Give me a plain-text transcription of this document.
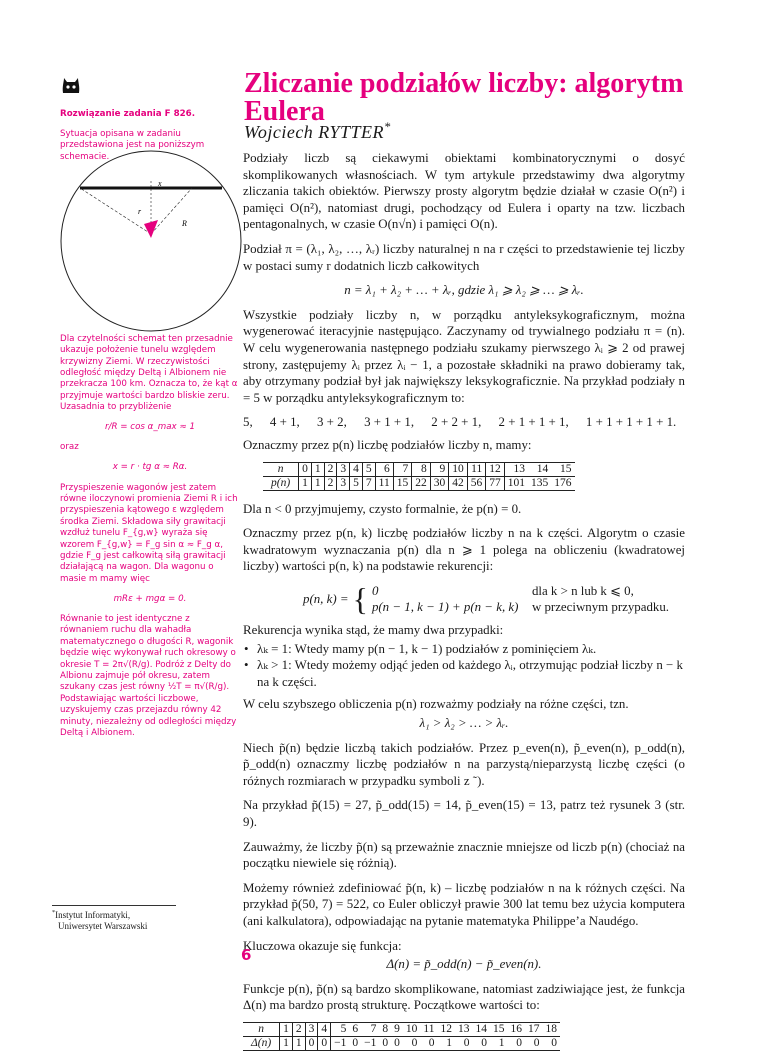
Zliczanie podziałów liczby: algorytm Eulera
Wojciech RYTTER*

Rozwiązanie zadania F 826.

Sytuacja opisana w zadaniu przedstawiona jest na poniższym schemacie.

x
r
α	R

Dla czytelności schemat ten przesadnie ukazuje położenie tunelu względem krzywizny Ziemi. W rzeczywistości odległość między Deltą i Albionem nie przekracza 100 km. Oznacza to, że kąt α przyjmuje wartości bardzo bliskie zeru. Uzasadnia to przybliżenie

r/R = cos α_max ≈ 1

oraz

x = r · tg α ≈ Rα.

Przyspieszenie wagonów jest zatem równe iloczynowi promienia Ziemi R i ich przyspieszenia kątowego ε względem środka Ziemi. Składowa siły grawitacji wzdłuż tunelu F_{g,w} wyraża się wzorem F_{g,w} = F_g sin α ≈ F_g α, gdzie F_g jest całkowitą siłą grawitacji działającą na wagon. Dla wagonu o masie m mamy więc

mRε + mgα = 0.

Równanie to jest identyczne z równaniem ruchu dla wahadła matematycznego o długości R, wagonik będzie więc wykonywał ruch okresowy o okresie T = 2π√(R/g). Podróż z Delty do Albionu zajmuje pół okresu, zatem szukany czas jest równy ½T = π√(R/g). Podstawiając wartości liczbowe, uzyskujemy czas przejazdu równy 42 minuty, niezależny od odległości między Deltą i Albionem.

Podziały liczb są ciekawymi obiektami kombinatorycznymi o dosyć skomplikowanych własnościach. W tym artykule przedstawimy dwa algorytmy zliczania takich obiektów. Pierwszy prosty algorytm będzie działał w czasie O(n²) i pamięci O(n²), natomiast drugi, pochodzący od Eulera i oparty na tzw. liczbach pentagonalnych, w czasie O(n√n) i pamięci O(n).

Podział π = (λ₁, λ₂, …, λᵣ) liczby naturalnej n na r części to przedstawienie tej liczby w postaci sumy r dodatnich liczb całkowitych

n = λ₁ + λ₂ + … + λᵣ, gdzie λ₁ ⩾ λ₂ ⩾ … ⩾ λᵣ.

Wszystkie podziały liczby n, w porządku antyleksykograficznym, można wygenerować iteracyjnie następująco. Zaczynamy od trywialnego podziału π = (n). W celu wygenerowania następnego podziału szukamy pierwszego λᵢ ⩾ 2 od prawej strony, zastępujemy λᵢ przez λᵢ − 1, a pozostałe składniki na prawo dobieramy tak, aby otrzymany podział był jak największy leksykograficznie. Na przykład podziały n = 5 w porządku antyleksykograficznym to:

5, 4 + 1, 3 + 2, 3 + 1 + 1, 2 + 2 + 1, 2 + 1 + 1 + 1, 1 + 1 + 1 + 1 + 1.

Oznaczmy przez p(n) liczbę podziałów liczby n, mamy:

n	0	1	2	3	4	5	6	7	8	9	10	11	12	13	14	15
p(n)	1	1	2	3	5	7	11	15	22	30	42	56	77	101	135	176

Dla n < 0 przyjmujemy, czysto formalnie, że p(n) = 0.

Oznaczmy przez p(n, k) liczbę podziałów liczby n na k części. Algorytm o czasie kwadratowym wyznaczania p(n) dla n ⩾ 1 polega na obliczeniu (kwadratowej liczby) wartości p(n, k) na podstawie rekurencji:

p(n, k) = { 0	dla k > n lub k ⩽ 0,
p(n − 1, k − 1) + p(n − k, k)	w przeciwnym przypadku.

Rekurencja wynika stąd, że mamy dwa przypadki:

• λₖ = 1: Wtedy mamy p(n − 1, k − 1) podziałów z pominięciem λₖ.
• λₖ > 1: Wtedy możemy odjąć jeden od każdego λᵢ, otrzymując podział liczby n − k na k części.

W celu szybszego obliczenia p(n) rozważmy podziały na różne części, tzn.

λ₁ > λ₂ > … > λᵣ.

Niech p̃(n) będzie liczbą takich podziałów. Przez p_even(n), p̃_even(n), p_odd(n), p̃_odd(n) oznaczmy liczbę podziałów n na parzystą/nieparzystą liczbę części (o różnych rozmiarach w przypadku symboli z ˜).

Na przykład p̃(15) = 27, p̃_odd(15) = 14, p̃_even(15) = 13, patrz też rysunek 3 (str. 9).

Zauważmy, że liczby p̃(n) są przeważnie znacznie mniejsze od liczb p(n) (chociaż na początku niewiele się różnią).

Możemy również zdefiniować p̃(n, k) – liczbę podziałów n na k różnych części. Na przykład p̃(50, 7) = 522, co Euler obliczył prawie 300 lat temu bez użycia komputera (ani kalkulatora), odpowiadając na pytanie matematyka Philippe’a Naudégo.

Kluczowa okazuje się funkcja:

Δ(n) = p̃_odd(n) − p̃_even(n).

Funkcje p(n), p̃(n) są bardzo skomplikowane, natomiast zadziwiające jest, że funkcja Δ(n) ma bardzo prostą strukturę. Początkowe wartości to:

n	1	2	3	4	5	6	7	8	9	10	11	12	13	14	15	16	17	18
Δ(n)	1	1	0	0	−1	0	−1	0	0	0	0	1	0	0	1	0	0	0
*Instytut Informatyki,
Uniwersytet Warszawski
6
